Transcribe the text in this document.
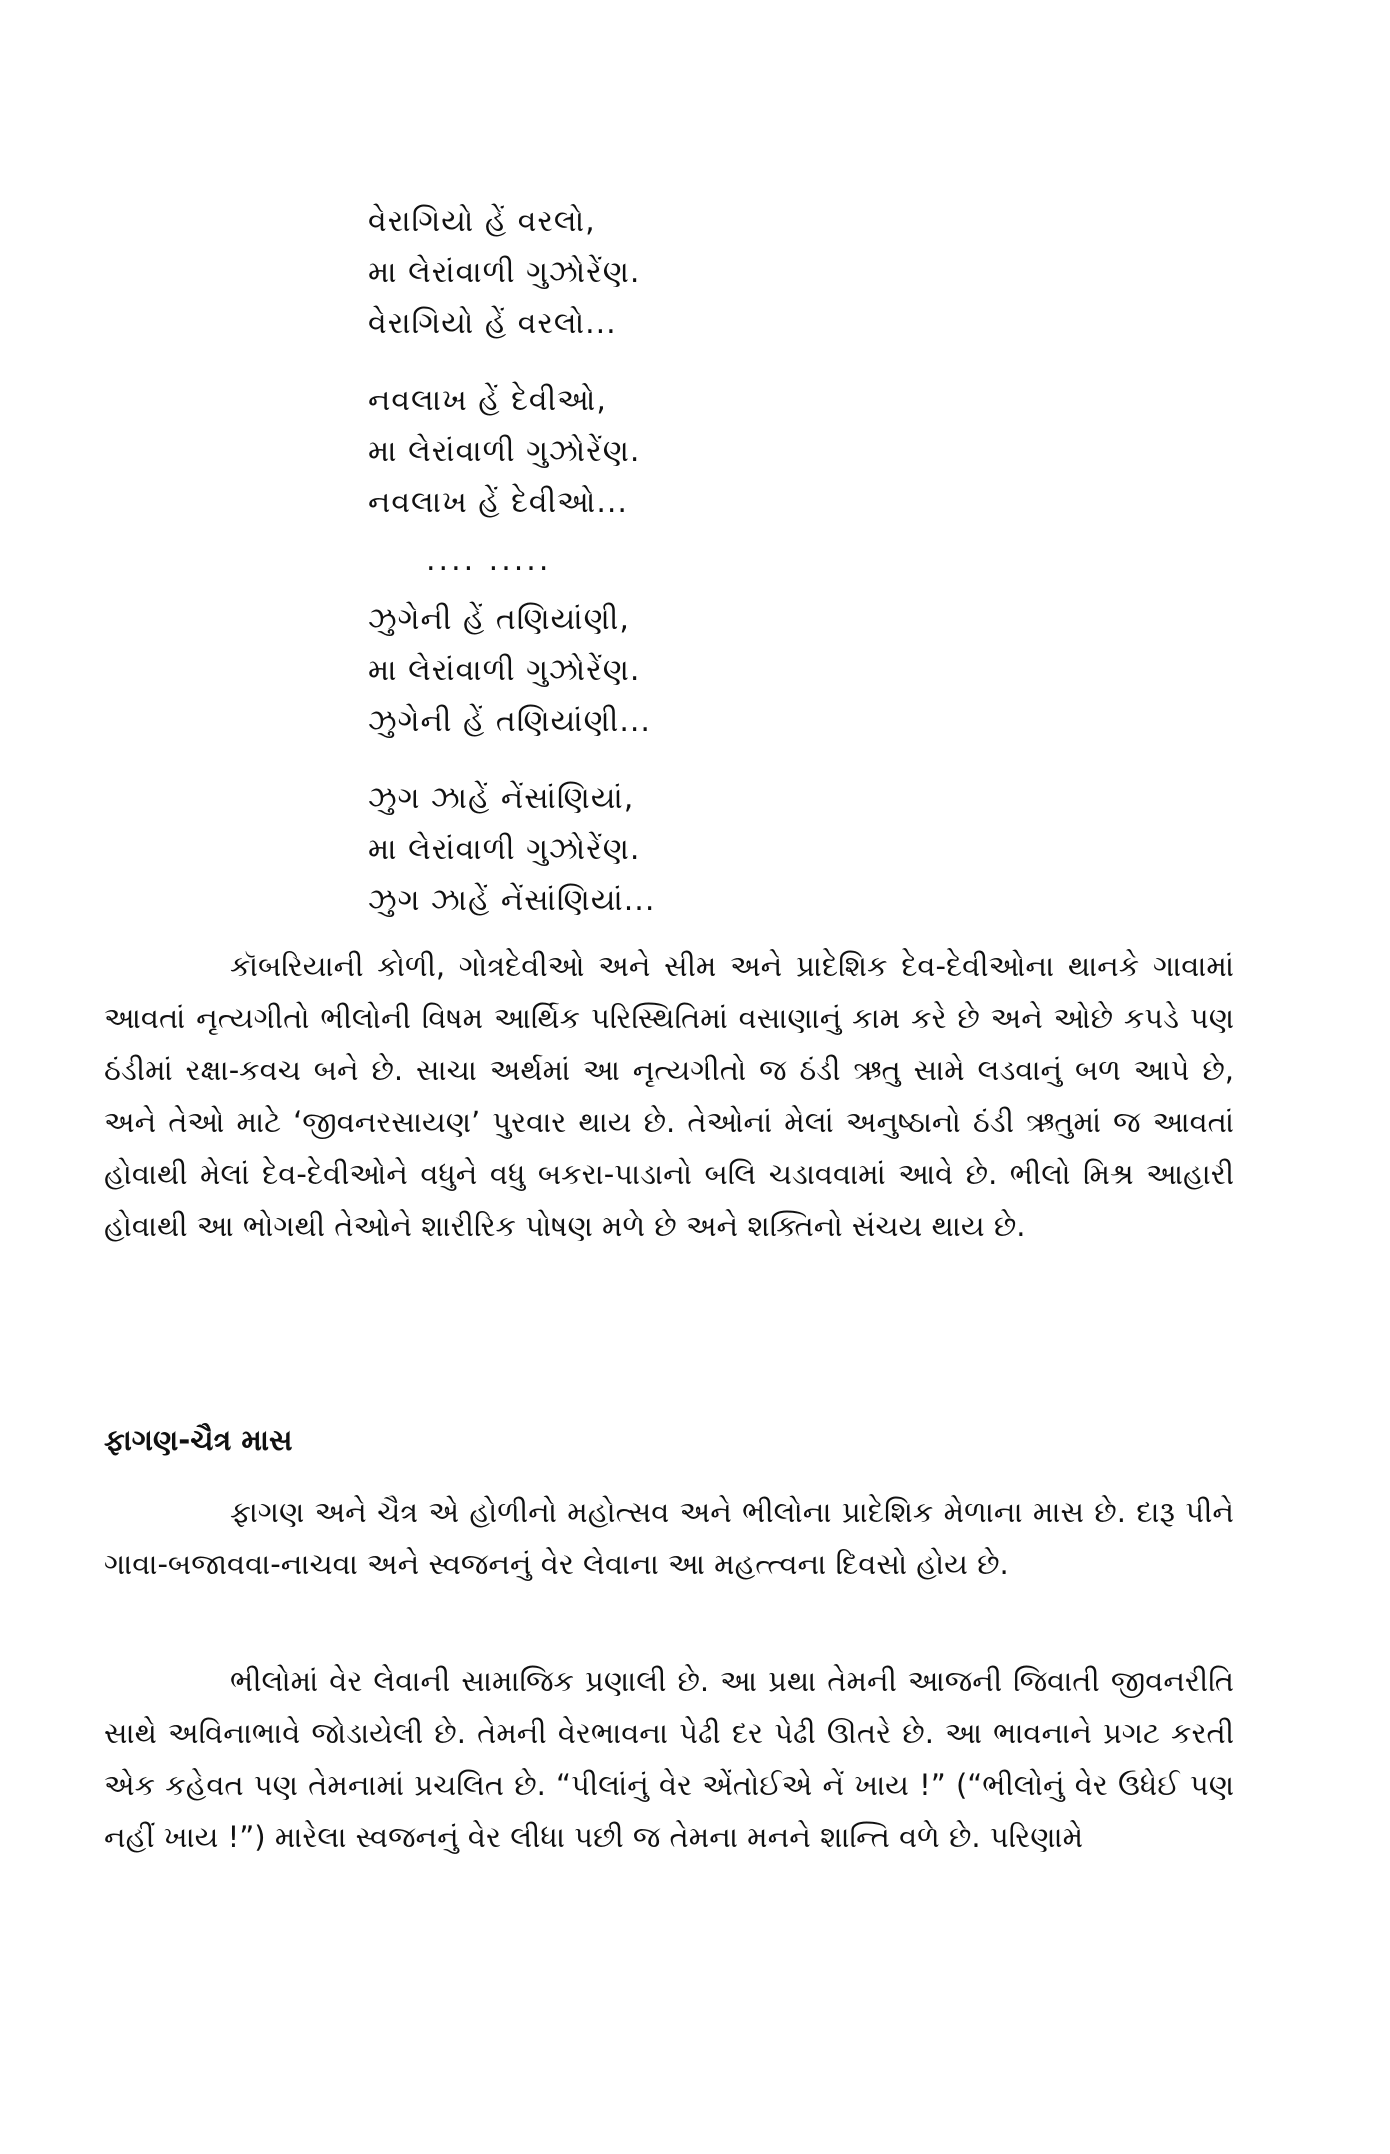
વેરાગિયો હેં વરલો,
મા લેરાંવાળી ગુઝોરેંણ.
વેરાગિયો હેં વરલો...
નવલાખ હેં દેવીઓ,
મા લેરાંવાળી ગુઝોરેંણ.
નવલાખ હેં દેવીઓ...
.... .....
ઝુગેની હેં તણિયાંણી,
મા લેરાંવાળી ગુઝોરેંણ.
ઝુગેની હેં તણિયાંણી...
ઝુગ ઝાહેં નેંસાંણિયાં,
મા લેરાંવાળી ગુઝોરેંણ.
ઝુગ ઝાહેં નેંસાંણિયાં...

કૉબરિયાની કોળી, ગોત્રદેવીઓ અને સીમ અને પ્રાદેશિક દેવ-દેવીઓના થાનકે ગાવામાં આવતાં નૃત્યગીતો ભીલોની વિષમ આર્થિક પરિસ્થિતિમાં વસાણાનું કામ કરે છે અને ઓછે કપડે પણ ઠંડીમાં રક્ષા-કવચ બને છે. સાચા અર્થમાં આ નૃત્યગીતો જ ઠંડી ઋતુ સામે લડવાનું બળ આપે છે, અને તેઓ માટે ‘જીવનરસાયણ’ પુરવાર થાય છે. તેઓનાં મેલાં અનુષ્ઠાનો ઠંડી ઋતુમાં જ આવતાં હોવાથી મેલાં દેવ-દેવીઓને વધુને વધુ બકરા-પાડાનો બલિ ચડાવવામાં આવે છે. ભીલો મિશ્ર આહારી હોવાથી આ ભોગથી તેઓને શારીરિક પોષણ મળે છે અને શક્તિનો સંચય થાય છે.

ફાગણ-ચૈત્ર માસ

ફાગણ અને ચૈત્ર એ હોળીનો મહોત્સવ અને ભીલોના પ્રાદેશિક મેળાના માસ છે. દારૂ પીને ગાવા-બજાવવા-નાચવા અને સ્વજનનું વેર લેવાના આ મહત્ત્વના દિવસો હોય છે.

ભીલોમાં વેર લેવાની સામાજિક પ્રણાલી છે. આ પ્રથા તેમની આજની જિવાતી જીવનરીતિ સાથે અવિનાભાવે જોડાયેલી છે. તેમની વેરભાવના પેઢી દર પેઢી ઊતરે છે. આ ભાવનાને પ્રગટ કરતી એક કહેવત પણ તેમનામાં પ્રચલિત છે. “પીલાંનું વેર એંતોઈએ નેં ખાય !” (“ભીલોનું વેર ઉધેઈ પણ નહીં ખાય !”) મારેલા સ્વજનનું વેર લીધા પછી જ તેમના મનને શાન્તિ વળે છે. પરિણામે
